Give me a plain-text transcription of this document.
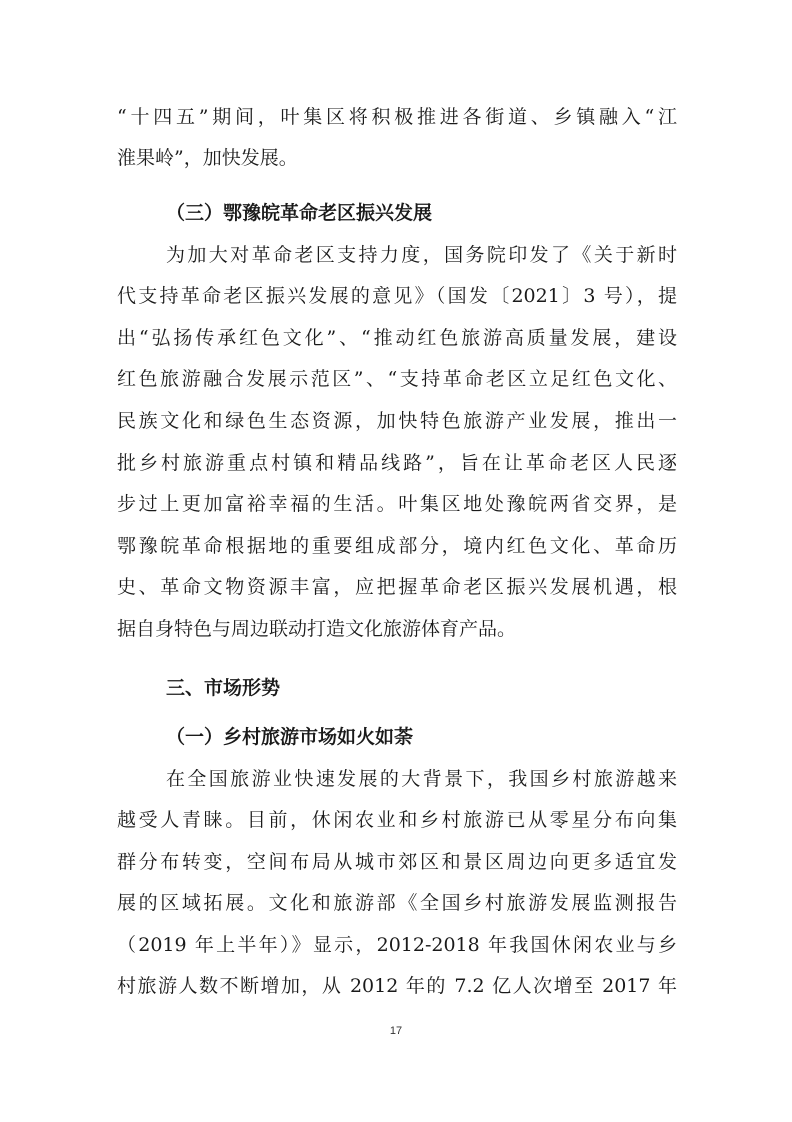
“十四五”期间，叶集区将积极推进各街道、乡镇融入“江
淮果岭”，加快发展。
（三）鄂豫皖革命老区振兴发展
为加大对革命老区支持力度，国务院印发了《关于新时
代支持革命老区振兴发展的意见》（国发〔2021〕3 号），提
出“弘扬传承红色文化”、“推动红色旅游高质量发展，建设
红色旅游融合发展示范区”、“支持革命老区立足红色文化、
民族文化和绿色生态资源，加快特色旅游产业发展，推出一
批乡村旅游重点村镇和精品线路”，旨在让革命老区人民逐
步过上更加富裕幸福的生活。叶集区地处豫皖两省交界，是
鄂豫皖革命根据地的重要组成部分，境内红色文化、革命历
史、革命文物资源丰富，应把握革命老区振兴发展机遇，根
据自身特色与周边联动打造文化旅游体育产品。
三、市场形势
（一）乡村旅游市场如火如荼
在全国旅游业快速发展的大背景下，我国乡村旅游越来
越受人青睐。目前，休闲农业和乡村旅游已从零星分布向集
群分布转变，空间布局从城市郊区和景区周边向更多适宜发
展的区域拓展。文化和旅游部《全国乡村旅游发展监测报告
（2019 年上半年）》显示，2012-2018 年我国休闲农业与乡
村旅游人数不断增加，从 2012 年的 7.2 亿人次增至 2017 年
17
